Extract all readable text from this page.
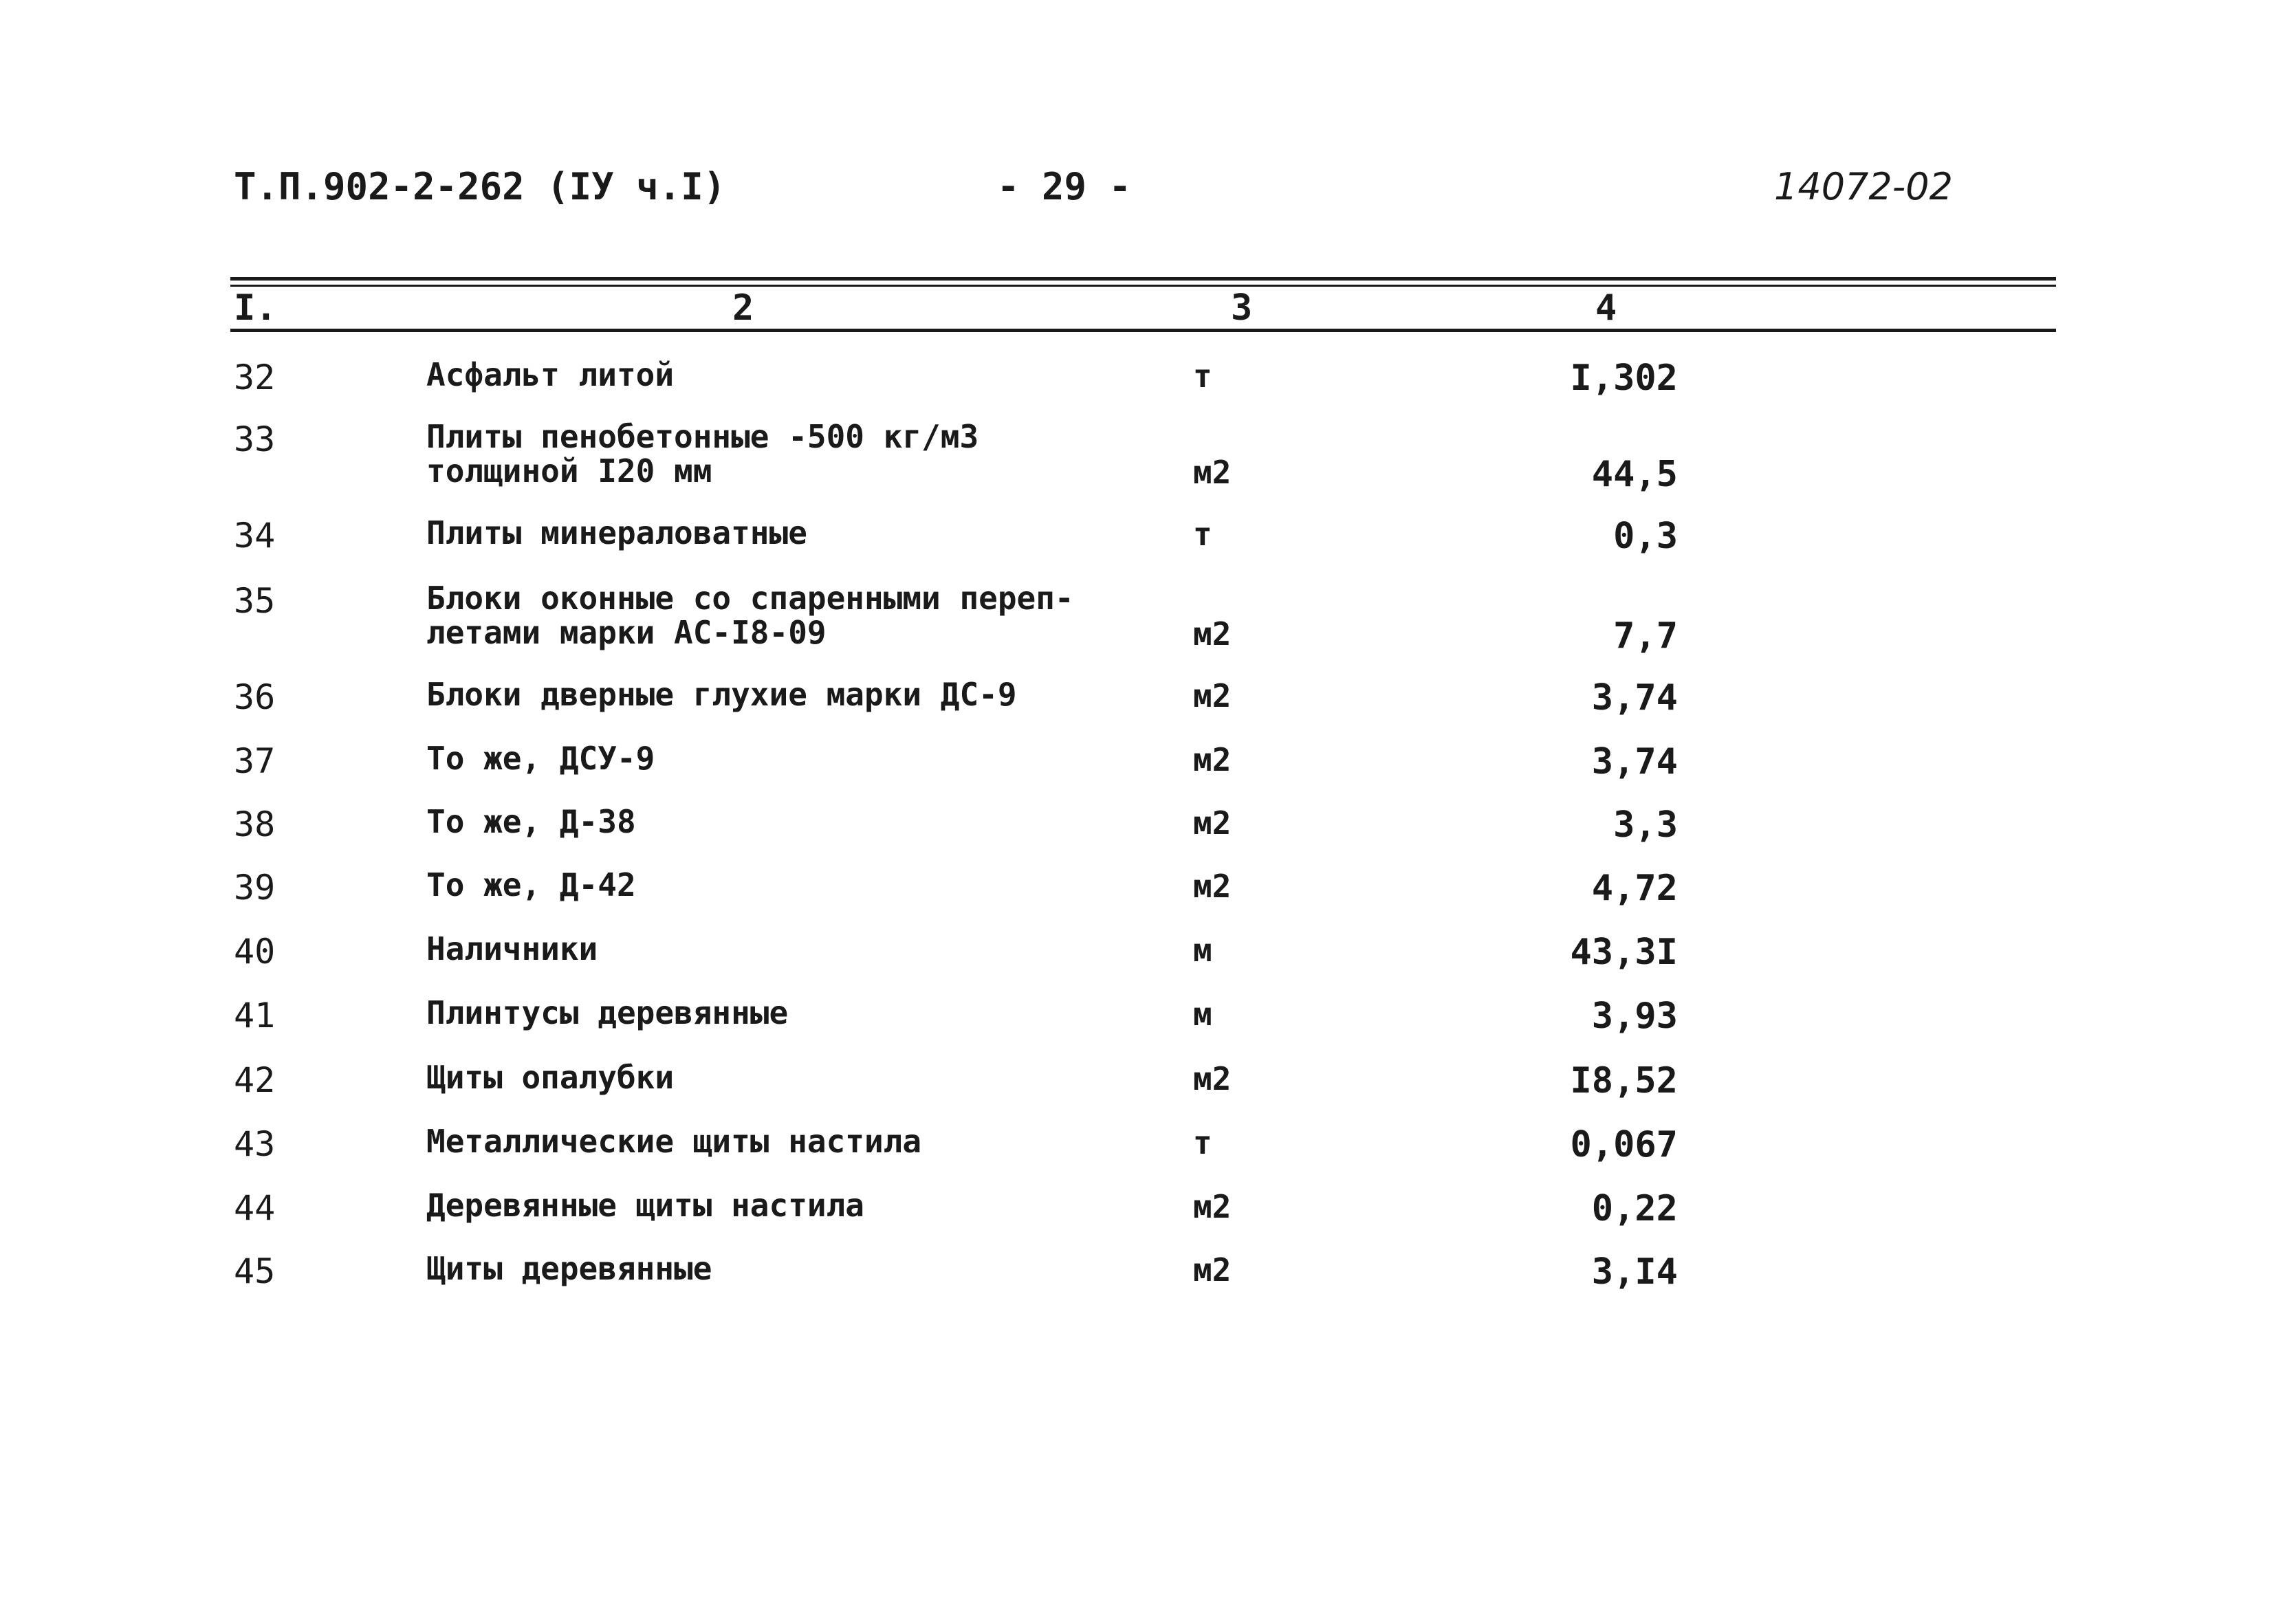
Т.П.902-2-262 (IУ ч.I)	- 29 -	14072-02
I.	2	3	4
32	Асфальт литой	т	I,302
33	Плиты пенобетонные -500 кг/м3
толщиной I20 мм	м2	44,5
34	Плиты минераловатные	т	0,3
35	Блоки оконные со спаренными переп-
летами марки АС-I8-09	м2	7,7
36	Блоки дверные глухие марки ДС-9	м2	3,74
37	То же, ДСУ-9	м2	3,74
38	То же, Д-38	м2	3,3
39	То же, Д-42	м2	4,72
40	Наличники	м	43,3I
41	Плинтусы деревянные	м	3,93
42	Щиты опалубки	м2	I8,52
43	Металлические щиты настила	т	0,067
44	Деревянные щиты настила	м2	0,22
45	Щиты деревянные	м2	3,I4
